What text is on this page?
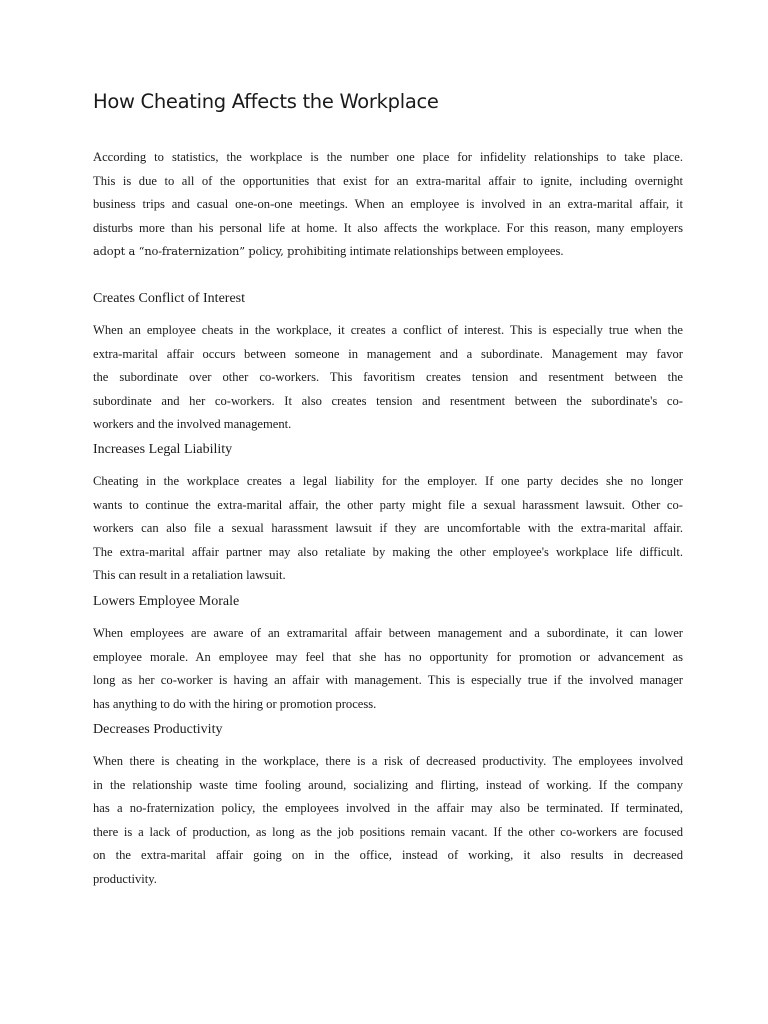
How Cheating Affects the Workplace
According to statistics, the workplace is the number one place for infidelity relationships to take place.
This is due to all of the opportunities that exist for an extra-marital affair to ignite, including overnight
business trips and casual one-on-one meetings. When an employee is involved in an extra-marital affair, it
disturbs more than his personal life at home. It also affects the workplace. For this reason, many employers
adopt a “no-fraternization” policy, prohibiting intimate relationships between employees.
Creates Conflict of Interest
When an employee cheats in the workplace, it creates a conflict of interest. This is especially true when the
extra-marital affair occurs between someone in management and a subordinate. Management may favor
the subordinate over other co-workers. This favoritism creates tension and resentment between the
subordinate and her co-workers. It also creates tension and resentment between the subordinate's co-
workers and the involved management.
Increases Legal Liability
Cheating in the workplace creates a legal liability for the employer. If one party decides she no longer
wants to continue the extra-marital affair, the other party might file a sexual harassment lawsuit. Other co-
workers can also file a sexual harassment lawsuit if they are uncomfortable with the extra-marital affair.
The extra-marital affair partner may also retaliate by making the other employee's workplace life difficult.
This can result in a retaliation lawsuit.
Lowers Employee Morale
When employees are aware of an extramarital affair between management and a subordinate, it can lower
employee morale. An employee may feel that she has no opportunity for promotion or advancement as
long as her co-worker is having an affair with management. This is especially true if the involved manager
has anything to do with the hiring or promotion process.
Decreases Productivity
When there is cheating in the workplace, there is a risk of decreased productivity. The employees involved
in the relationship waste time fooling around, socializing and flirting, instead of working. If the company
has a no-fraternization policy, the employees involved in the affair may also be terminated. If terminated,
there is a lack of production, as long as the job positions remain vacant. If the other co-workers are focused
on the extra-marital affair going on in the office, instead of working, it also results in decreased
productivity.
